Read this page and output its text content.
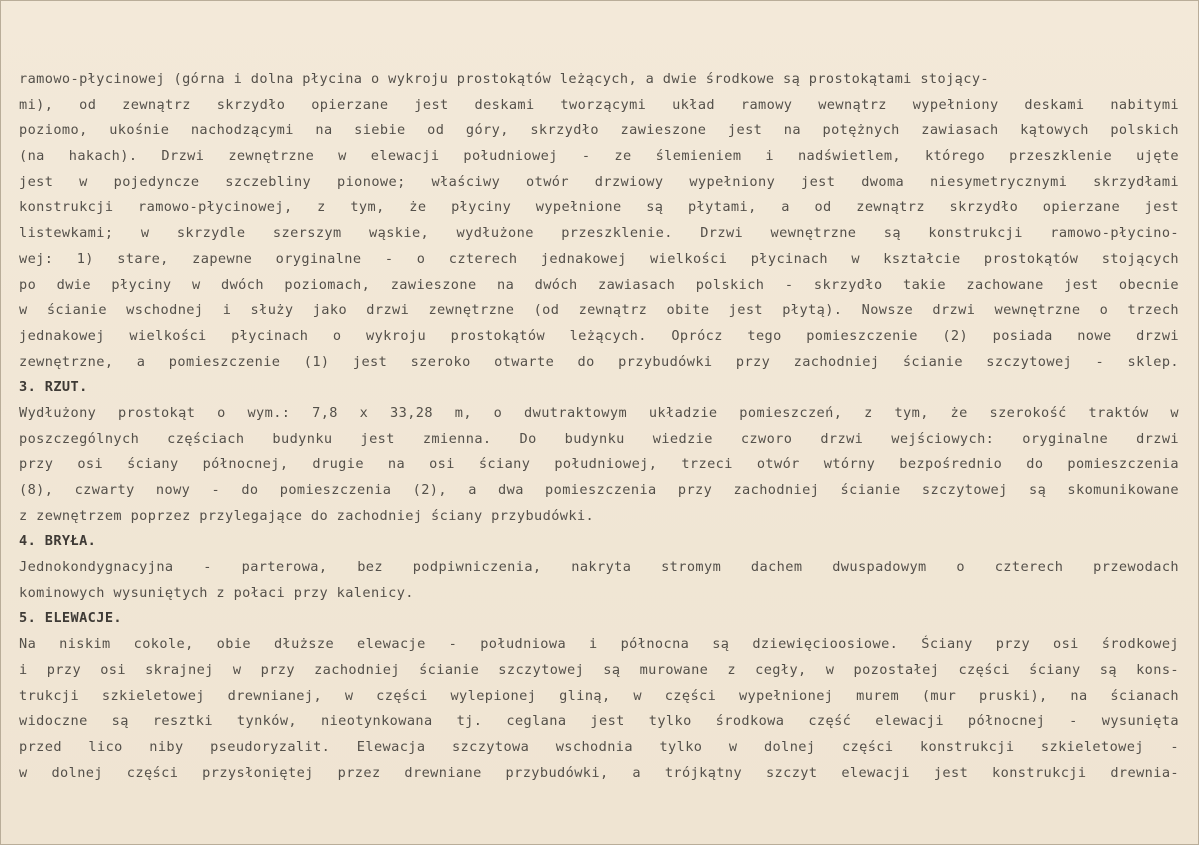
ramowo-płycinowej (górna i dolna płycina o wykroju prostokątów leżących, a dwie środkowe są prostokątami stojący-
mi), od zewnątrz skrzydło opierzane jest deskami tworzącymi układ ramowy wewnątrz wypełniony deskami nabitymi
poziomo, ukośnie nachodzącymi na siebie od góry, skrzydło zawieszone jest na potężnych zawiasach kątowych polskich
(na hakach). Drzwi zewnętrzne w elewacji południowej - ze ślemieniem i nadświetlem, którego przeszklenie ujęte
jest w pojedyncze szczebliny pionowe; właściwy otwór drzwiowy wypełniony jest dwoma niesymetrycznymi skrzydłami
konstrukcji ramowo-płycinowej, z tym, że płyciny wypełnione są płytami, a od zewnątrz skrzydło opierzane jest
listewkami; w skrzydle szerszym wąskie, wydłużone przeszklenie. Drzwi wewnętrzne są konstrukcji ramowo-płycino-
wej: 1) stare, zapewne oryginalne - o czterech jednakowej wielkości płycinach w kształcie prostokątów stojących
po dwie płyciny w dwóch poziomach, zawieszone na dwóch zawiasach polskich - skrzydło takie zachowane jest obecnie
w ścianie wschodnej i służy jako drzwi zewnętrzne (od zewnątrz obite jest płytą). Nowsze drzwi wewnętrzne o trzech
jednakowej wielkości płycinach o wykroju prostokątów leżących. Oprócz tego pomieszczenie (2) posiada nowe drzwi
zewnętrzne, a pomieszczenie (1) jest szeroko otwarte do przybudówki przy zachodniej ścianie szczytowej - sklep.
3. RZUT.
Wydłużony prostokąt o wym.: 7,8 x 33,28 m, o dwutraktowym układzie pomieszczeń, z tym, że szerokość traktów w
poszczególnych częściach budynku jest zmienna. Do budynku wiedzie czworo drzwi wejściowych: oryginalne drzwi
przy osi ściany północnej, drugie na osi ściany południowej, trzeci otwór wtórny bezpośrednio do pomieszczenia
(8), czwarty nowy - do pomieszczenia (2), a dwa pomieszczenia przy zachodniej ścianie szczytowej są skomunikowane
z zewnętrzem poprzez przylegające do zachodniej ściany przybudówki.
4. BRYŁA.
Jednokondygnacyjna - parterowa, bez podpiwniczenia, nakryta stromym dachem dwuspadowym o czterech przewodach
kominowych wysuniętych z połaci przy kalenicy.
5. ELEWACJE.
Na niskim cokole, obie dłuższe elewacje - południowa i północna są dziewięcioosiowe. Ściany przy osi środkowej
i przy osi skrajnej w przy zachodniej ścianie szczytowej są murowane z cegły, w pozostałej części ściany są kons-
trukcji szkieletowej drewnianej, w części wylepionej gliną, w części wypełnionej murem (mur pruski), na ścianach
widoczne są resztki tynków, nieotynkowana tj. ceglana jest tylko środkowa część elewacji północnej - wysunięta
przed lico niby pseudoryzalit. Elewacja szczytowa wschodnia tylko w dolnej części konstrukcji szkieletowej -
w dolnej części przysłoniętej przez drewniane przybudówki, a trójkątny szczyt elewacji jest konstrukcji drewnia-
